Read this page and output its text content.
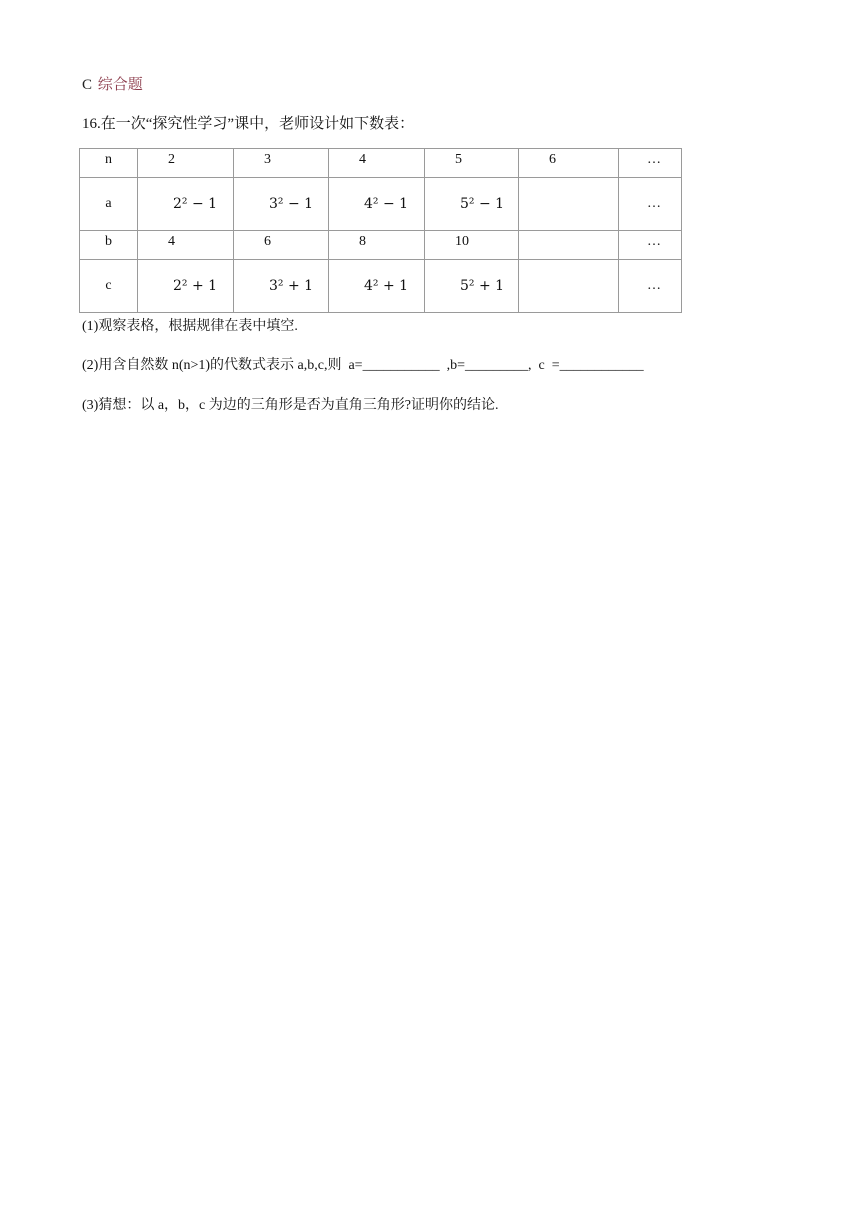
C 综合题
16.在一次“探究性学习”课中，老师设计如下数表：
n	2	3	4	5	6	…
a	2² − 1	3² − 1	4² − 1	5² − 1		…
b	4	6	8	10		…
c	2² + 1	3² + 1	4² + 1	5² + 1		…
(1)观察表格，根据规律在表中填空.
(2)用含自然数 n(n>1)的代数式表示 a,b,c,则  a=___________  ,b=_________,  c  =____________
(3)猜想：以 a，b，c 为边的三角形是否为直角三角形?证明你的结论.
